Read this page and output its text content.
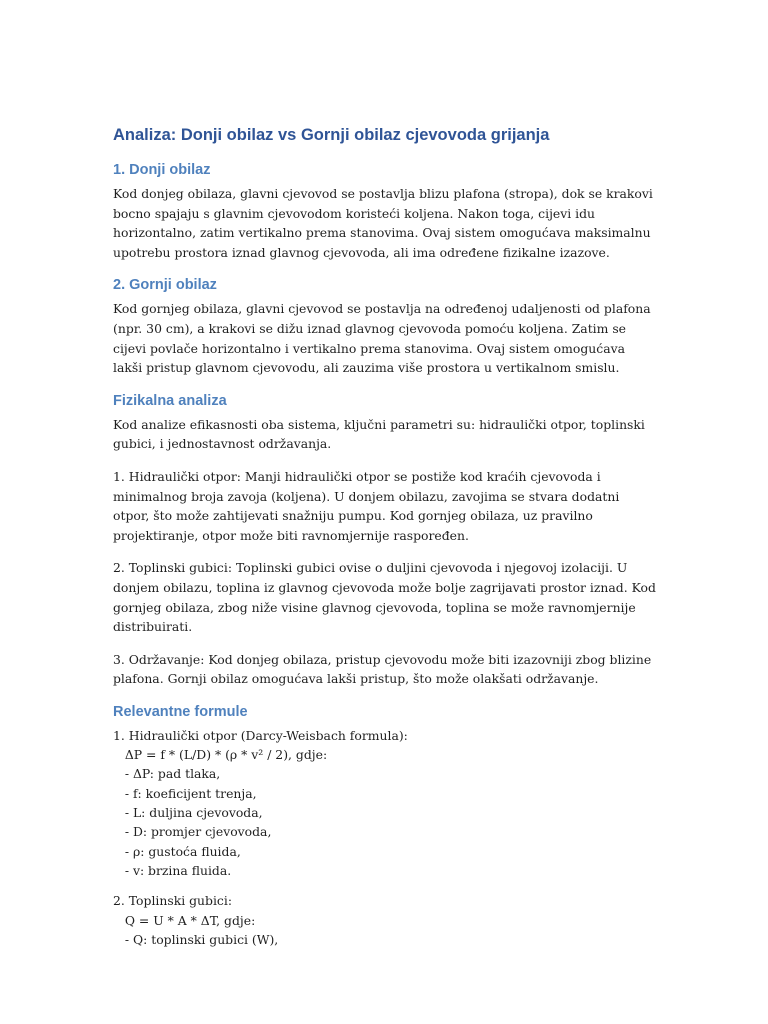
Analiza: Donji obilaz vs Gornji obilaz cjevovoda grijanja
1. Donji obilaz

Kod donjeg obilaza, glavni cjevovod se postavlja blizu plafona (stropa), dok se krakovi bocno spajaju s glavnim cjevovodom koristeći koljena. Nakon toga, cijevi idu horizontalno, zatim vertikalno prema stanovima. Ovaj sistem omogućava maksimalnu upotrebu prostora iznad glavnog cjevovoda, ali ima određene fizikalne izazove.

2. Gornji obilaz

Kod gornjeg obilaza, glavni cjevovod se postavlja na određenoj udaljenosti od plafona (npr. 30 cm), a krakovi se dižu iznad glavnog cjevovoda pomoću koljena. Zatim se cijevi povlače horizontalno i vertikalno prema stanovima. Ovaj sistem omogućava lakši pristup glavnom cjevovodu, ali zauzima više prostora u vertikalnom smislu.

Fizikalna analiza

Kod analize efikasnosti oba sistema, ključni parametri su: hidraulički otpor, toplinski gubici, i jednostavnost održavanja.

1. Hidraulički otpor: Manji hidraulički otpor se postiže kod kraćih cjevovoda i minimalnog broja zavoja (koljena). U donjem obilazu, zavojima se stvara dodatni otpor, što može zahtijevati snažniju pumpu. Kod gornjeg obilaza, uz pravilno projektiranje, otpor može biti ravnomjernije raspoređen.

2. Toplinski gubici: Toplinski gubici ovise o duljini cjevovoda i njegovoj izolaciji. U donjem obilazu, toplina iz glavnog cjevovoda može bolje zagrijavati prostor iznad. Kod gornjeg obilaza, zbog niže visine glavnog cjevovoda, toplina se može ravnomjernije distribuirati.

3. Održavanje: Kod donjeg obilaza, pristup cjevovodu može biti izazovniji zbog blizine plafona. Gornji obilaz omogućava lakši pristup, što može olakšati održavanje.

Relevantne formule
1. Hidraulički otpor (Darcy-Weisbach formula):
ΔP = f * (L/D) * (ρ * v² / 2), gdje:
- ΔP: pad tlaka,
- f: koeficijent trenja,
- L: duljina cjevovoda,
- D: promjer cjevovoda,
- ρ: gustoća fluida,
- v: brzina fluida.
2. Toplinski gubici:
Q = U * A * ΔT, gdje:
- Q: toplinski gubici (W),
